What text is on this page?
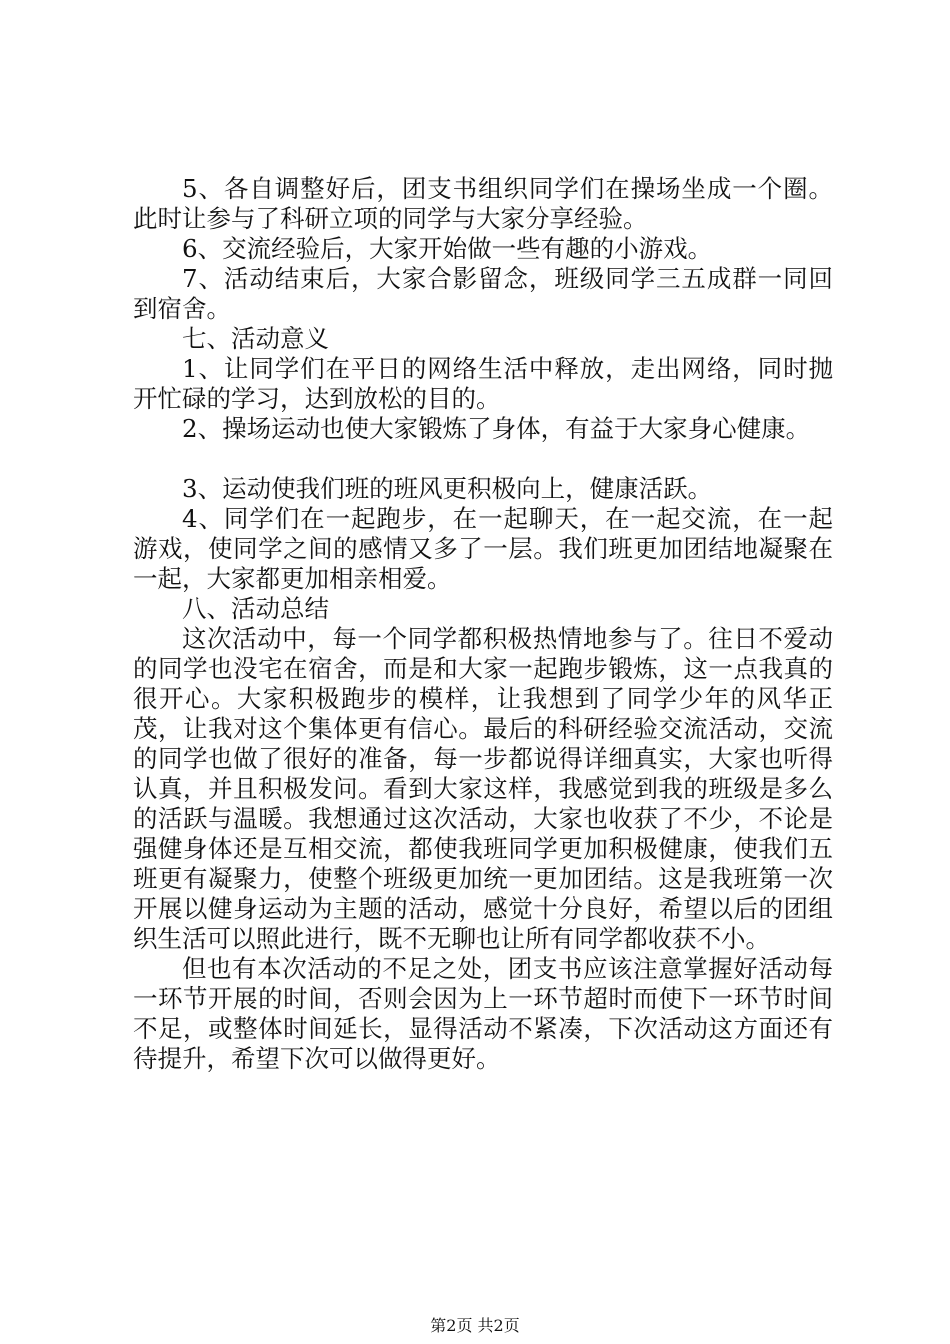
5、各自调整好后，团支书组织同学们在操场坐成一个圈。此时让参与了科研立项的同学与大家分享经验。

6、交流经验后，大家开始做一些有趣的小游戏。

7、活动结束后，大家合影留念，班级同学三五成群一同回到宿舍。

七、活动意义

1、让同学们在平日的网络生活中释放，走出网络，同时抛开忙碌的学习，达到放松的目的。

2、操场运动也使大家锻炼了身体，有益于大家身心健康。

3、运动使我们班的班风更积极向上，健康活跃。

4、同学们在一起跑步，在一起聊天，在一起交流，在一起游戏，使同学之间的感情又多了一层。我们班更加团结地凝聚在一起，大家都更加相亲相爱。

八、活动总结

这次活动中，每一个同学都积极热情地参与了。往日不爱动的同学也没宅在宿舍，而是和大家一起跑步锻炼，这一点我真的很开心。大家积极跑步的模样，让我想到了同学少年的风华正茂，让我对这个集体更有信心。最后的科研经验交流活动，交流的同学也做了很好的准备，每一步都说得详细真实，大家也听得认真，并且积极发问。看到大家这样，我感觉到我的班级是多么的活跃与温暖。我想通过这次活动，大家也收获了不少，不论是强健身体还是互相交流，都使我班同学更加积极健康，使我们五班更有凝聚力，使整个班级更加统一更加团结。这是我班第一次开展以健身运动为主题的活动，感觉十分良好，希望以后的团组织生活可以照此进行，既不无聊也让所有同学都收获不小。

但也有本次活动的不足之处，团支书应该注意掌握好活动每一环节开展的时间，否则会因为上一环节超时而使下一环节时间不足，或整体时间延长，显得活动不紧凑，下次活动这方面还有待提升，希望下次可以做得更好。

第2页 共2页
